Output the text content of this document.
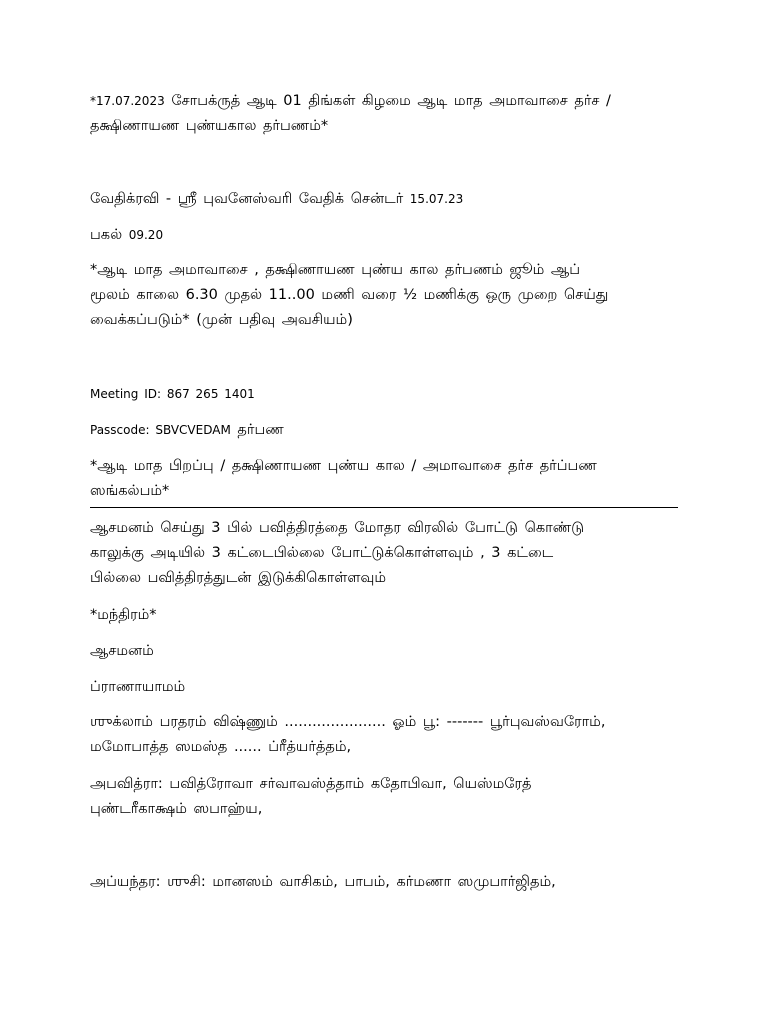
*17.07.2023 சோபக்ருத் ஆடி 01 திங்கள் கிழமை ஆடி மாத அமாவாசை தர்ச /
தக்ஷிணாயண புண்யகால தர்பணம்*

வேதிக்ரவி - ஸ்ரீ புவனேஸ்வரி வேதிக் சென்டர் 15.07.23

பகல் 09.20

*ஆடி மாத அமாவாசை , தக்ஷிணாயண புண்ய கால தர்பணம் ஜூம் ஆப்
மூலம் காலை 6.30 முதல் 11..00 மணி வரை ½ மணிக்கு ஒரு முறை செய்து
வைக்கப்படும்* (முன் பதிவு அவசியம்)

Meeting ID: 867 265 1401

Passcode: SBVCVEDAM தர்பண

*ஆடி மாத பிறப்பு / தக்ஷிணாயண புண்ய கால / அமாவாசை தர்ச தர்ப்பண
ஸங்கல்பம்*

ஆசமனம் செய்து 3 பில் பவித்திரத்தை மோதர விரலில் போட்டு கொண்டு
காலுக்கு அடியில் 3 கட்டைபில்லை போட்டுக்கொள்ளவும் , 3 கட்டை
பில்லை பவித்திரத்துடன் இடுக்கிகொள்ளவும்

*மந்திரம்*

ஆசமனம்

ப்ராணாயாமம்

ஶுக்லாம் பரதரம் விஷ்ணும் ...................... ஓம் பூ: ------- பூர்புவஸ்வரோம்,
மமோபாத்த ஸமஸ்த ...... ப்ரீத்யர்த்தம்,

அபவித்ரா: பவித்ரோவா சர்வாவஸ்த்தாம் கதோபிவா, யெஸ்மரேத்
புண்டரீகாக்ஷம் ஸபாஹ்ய,

அப்யந்தர: ஶுசி: மானஸம் வாசிகம், பாபம், கர்மணா ஸமுபார்ஜிதம்,
